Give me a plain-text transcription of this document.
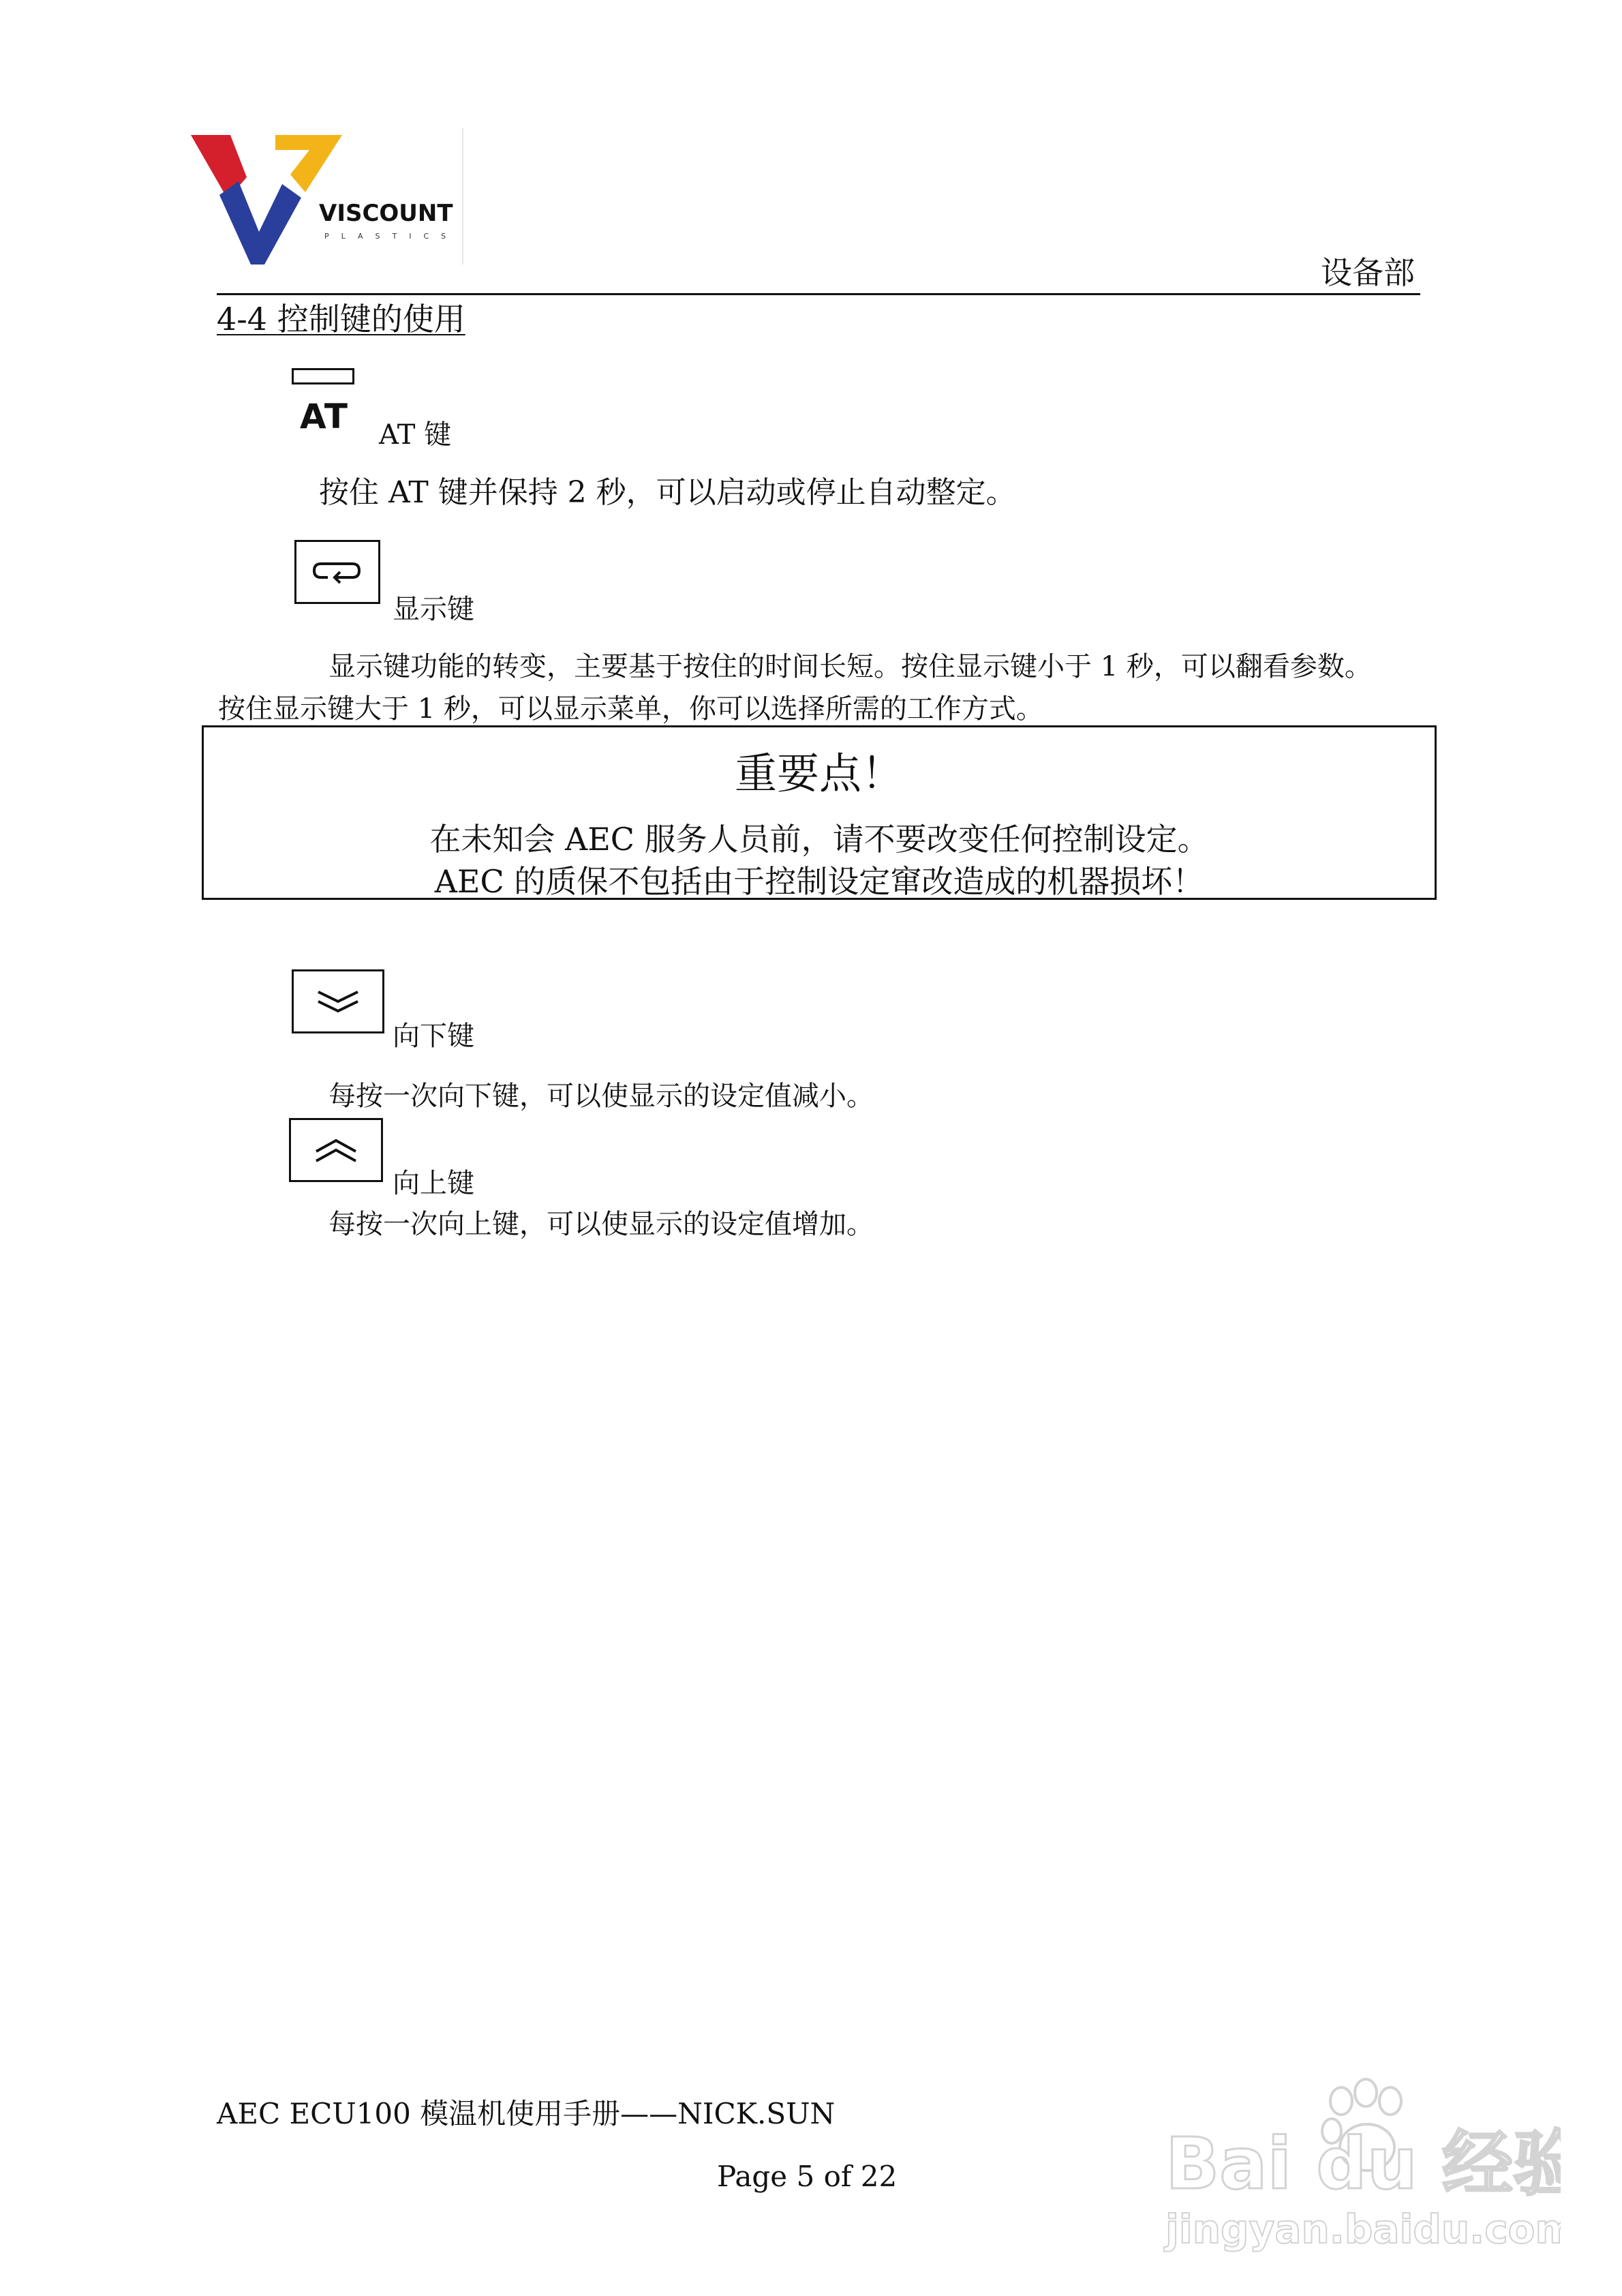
VISCOUNT
PLASTICS
设备部
4-4 控制键的使用
AT AT 键
按住 AT 键并保持 2 秒，可以启动或停止自动整定。
显示键
显示键功能的转变，主要基于按住的时间长短。按住显示键小于 1 秒，可以翻看参数。
按住显示键大于 1 秒，可以显示菜单，你可以选择所需的工作方式。
重要点！
在未知会 AEC 服务人员前，请不要改变任何控制设定。
AEC 的质保不包括由于控制设定窜改造成的机器损坏！
向下键
每按一次向下键，可以使显示的设定值减小。
向上键
每按一次向上键，可以使显示的设定值增加。
AEC ECU100 模温机使用手册——NICK.SUN
Page 5 of 22	Bai du 经验
jingyan.baidu.com
